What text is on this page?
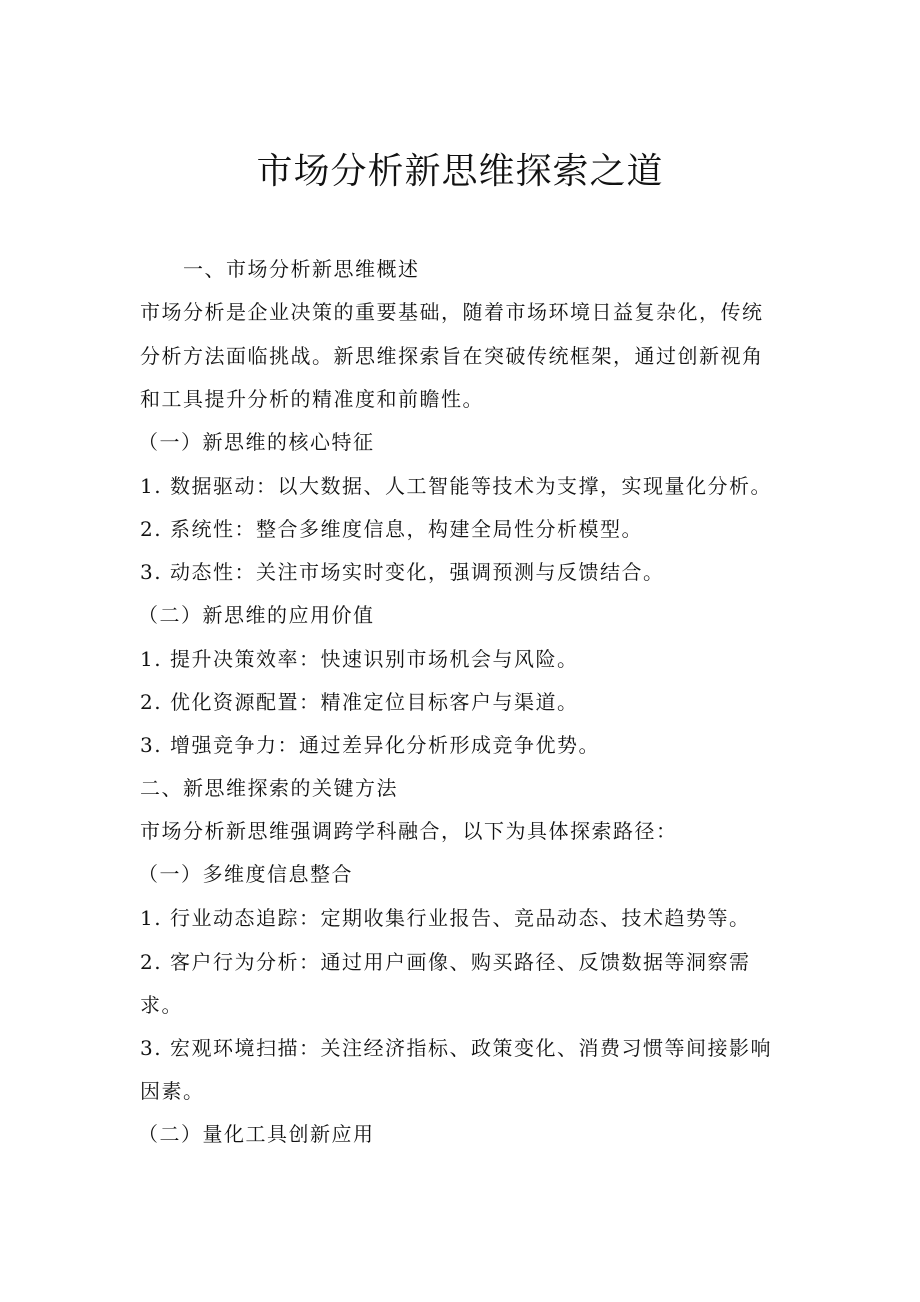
市场分析新思维探索之道

一、市场分析新思维概述

市场分析是企业决策的重要基础，随着市场环境日益复杂化，传统

分析方法面临挑战。新思维探索旨在突破传统框架，通过创新视角

和工具提升分析的精准度和前瞻性。

（一）新思维的核心特征

1. 数据驱动：以大数据、人工智能等技术为支撑，实现量化分析。

2. 系统性：整合多维度信息，构建全局性分析模型。

3. 动态性：关注市场实时变化，强调预测与反馈结合。

（二）新思维的应用价值

1. 提升决策效率：快速识别市场机会与风险。

2. 优化资源配置：精准定位目标客户与渠道。

3. 增强竞争力：通过差异化分析形成竞争优势。

二、新思维探索的关键方法

市场分析新思维强调跨学科融合，以下为具体探索路径：

（一）多维度信息整合

1. 行业动态追踪：定期收集行业报告、竞品动态、技术趋势等。

2. 客户行为分析：通过用户画像、购买路径、反馈数据等洞察需

求。

3. 宏观环境扫描：关注经济指标、政策变化、消费习惯等间接影响

因素。

（二）量化工具创新应用
